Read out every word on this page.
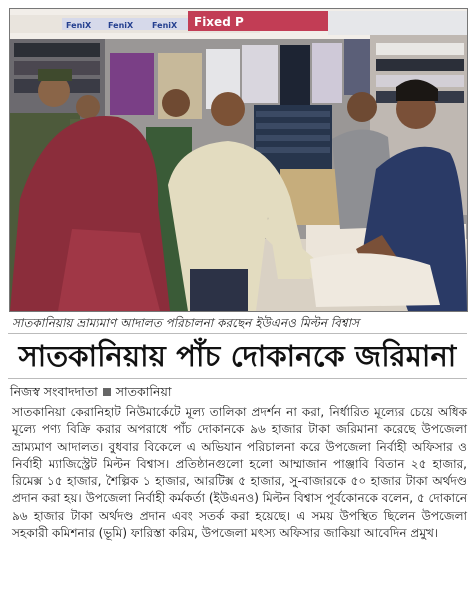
FeniX FeniX FeniX Fixed P
সাতকানিয়ায় ভ্রাম্যমাণ আদালত পরিচালনা করছেন ইউএনও মিল্টন বিশ্বাস
সাতকানিয়ায় পাঁচ দোকানকে জরিমানা
নিজস্ব সংবাদদাতা সাতকানিয়া
সাতকানিয়া কেরানিহাট নিউমার্কেটে মূল্য তালিকা প্রদর্শন না করা, নির্ধারিত মূল্যের চেয়ে অধিক মূল্যে পণ্য বিক্রি করার অপরাধে পাঁচ দোকানকে ৯৬ হাজার টাকা জরিমানা করেছে উপজেলা ভ্রাম্যমাণ আদালত। বুধবার বিকেলে এ অভিযান পরিচালনা করে উপজেলা নির্বাহী অফিসার ও নির্বাহী ম্যাজিস্ট্রেট মিল্টন বিশ্বাস। প্রতিষ্ঠানগুলো হলো আম্মাজান পাঞ্জাবি বিতান ২৫ হাজার, রিমেক্স ১৫ হাজার, শৈল্পিক ১ হাজার, আরটিক্স ৫ হাজার, সু-বাজারকে ৫০ হাজার টাকা অর্থদণ্ড প্রদান করা হয়। উপজেলা নির্বাহী কর্মকর্তা (ইউএনও) মিল্টন বিশ্বাস পূর্বকোনকে বলেন, ৫ দোকানে ৯৬ হাজার টাকা অর্থদণ্ড প্রদান এবং সতর্ক করা হয়েছে। এ সময় উপস্থিত ছিলেন উপজেলা সহকারী কমিশনার (ভূমি) ফারিস্তা করিম, উপজেলা মৎস্য অফিসার জাকিয়া আবেদিন প্রমুখ।
